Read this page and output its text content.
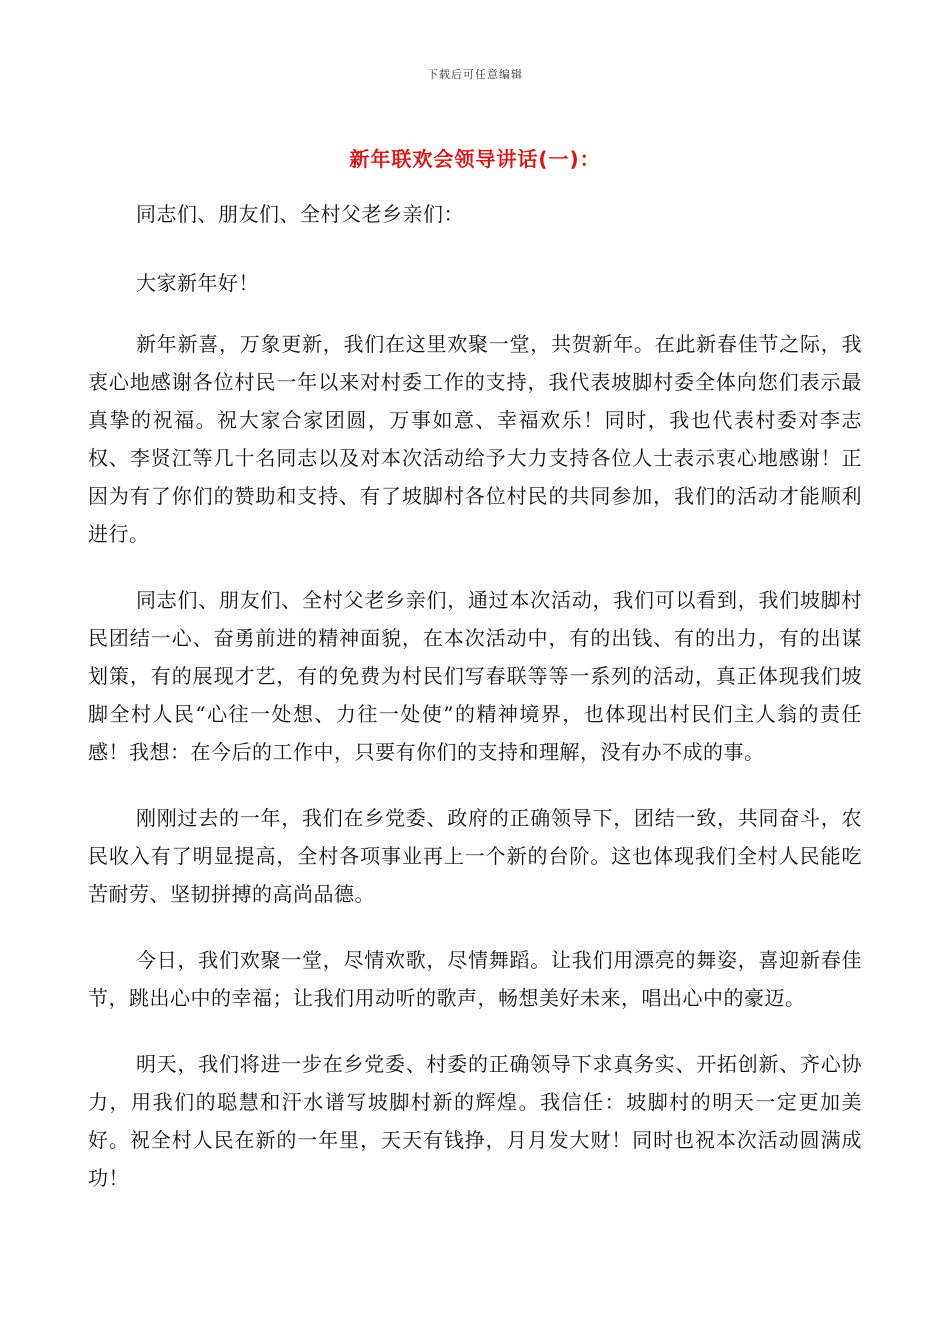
下载后可任意编辑
新年联欢会领导讲话(一)：

同志们、朋友们、全村父老乡亲们：

大家新年好！

新年新喜，万象更新，我们在这里欢聚一堂，共贺新年。在此新春佳节之际，我衷心地感谢各位村民一年以来对村委工作的支持，我代表坡脚村委全体向您们表示最真挚的祝福。祝大家合家团圆，万事如意、幸福欢乐！同时，我也代表村委对李志权、李贤江等几十名同志以及对本次活动给予大力支持各位人士表示衷心地感谢！正因为有了你们的赞助和支持、有了坡脚村各位村民的共同参加，我们的活动才能顺利进行。

同志们、朋友们、全村父老乡亲们，通过本次活动，我们可以看到，我们坡脚村民团结一心、奋勇前进的精神面貌，在本次活动中，有的出钱、有的出力，有的出谋划策，有的展现才艺，有的免费为村民们写春联等等一系列的活动，真正体现我们坡脚全村人民“心往一处想、力往一处使”的精神境界，也体现出村民们主人翁的责任感！我想：在今后的工作中，只要有你们的支持和理解，没有办不成的事。

刚刚过去的一年，我们在乡党委、政府的正确领导下，团结一致，共同奋斗，农民收入有了明显提高，全村各项事业再上一个新的台阶。这也体现我们全村人民能吃苦耐劳、坚韧拼搏的高尚品德。

今日，我们欢聚一堂，尽情欢歌，尽情舞蹈。让我们用漂亮的舞姿，喜迎新春佳节，跳出心中的幸福；让我们用动听的歌声，畅想美好未来，唱出心中的豪迈。

明天，我们将进一步在乡党委、村委的正确领导下求真务实、开拓创新、齐心协力，用我们的聪慧和汗水谱写坡脚村新的辉煌。我信任：坡脚村的明天一定更加美好。祝全村人民在新的一年里，天天有钱挣，月月发大财！同时也祝本次活动圆满成功！
